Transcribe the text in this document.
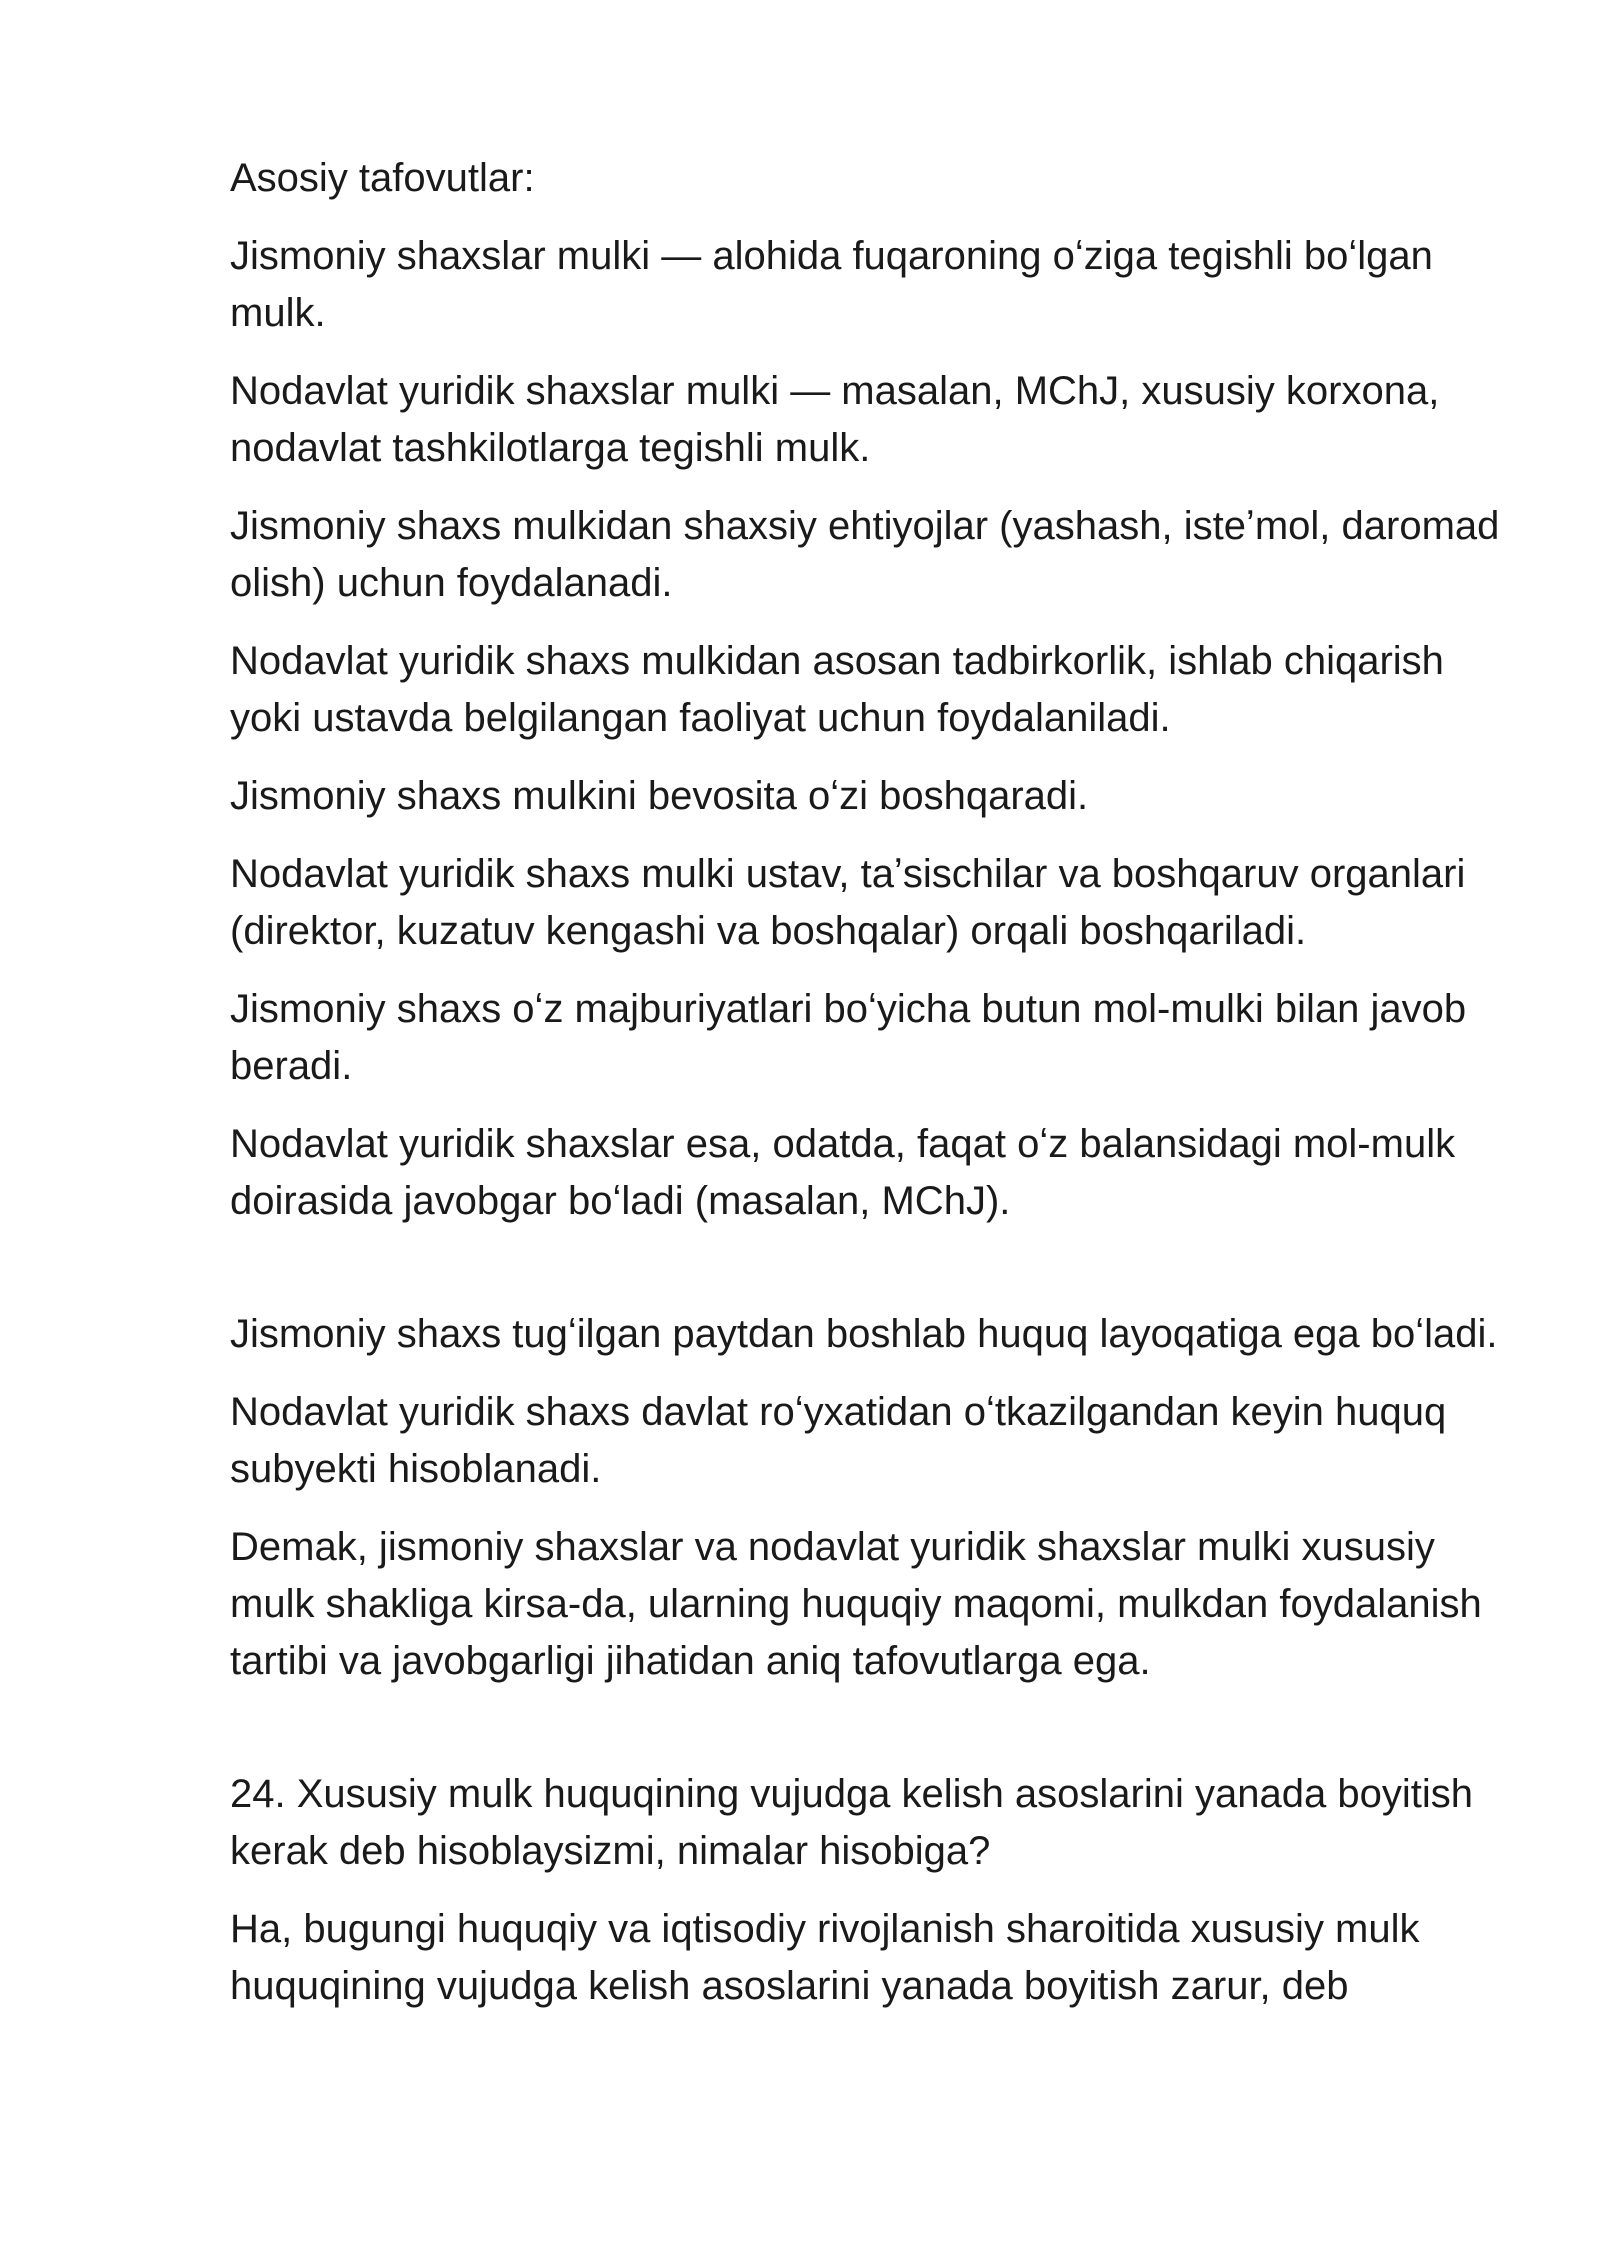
Asosiy tafovutlar:

Jismoniy shaxslar mulki — alohida fuqaroning oʻziga tegishli boʻlgan
mulk.

Nodavlat yuridik shaxslar mulki — masalan, MChJ, xususiy korxona,
nodavlat tashkilotlarga tegishli mulk.

Jismoniy shaxs mulkidan shaxsiy ehtiyojlar (yashash, isteʼmol, daromad
olish) uchun foydalanadi.

Nodavlat yuridik shaxs mulkidan asosan tadbirkorlik, ishlab chiqarish
yoki ustavda belgilangan faoliyat uchun foydalaniladi.

Jismoniy shaxs mulkini bevosita oʻzi boshqaradi.

Nodavlat yuridik shaxs mulki ustav, taʼsischilar va boshqaruv organlari
(direktor, kuzatuv kengashi va boshqalar) orqali boshqariladi.

Jismoniy shaxs oʻz majburiyatlari boʻyicha butun mol-mulki bilan javob
beradi.

Nodavlat yuridik shaxslar esa, odatda, faqat oʻz balansidagi mol-mulk
doirasida javobgar boʻladi (masalan, MChJ).

Jismoniy shaxs tugʻilgan paytdan boshlab huquq layoqatiga ega boʻladi.

Nodavlat yuridik shaxs davlat roʻyxatidan oʻtkazilgandan keyin huquq
subyekti hisoblanadi.

Demak, jismoniy shaxslar va nodavlat yuridik shaxslar mulki xususiy
mulk shakliga kirsa-da, ularning huquqiy maqomi, mulkdan foydalanish
tartibi va javobgarligi jihatidan aniq tafovutlarga ega.

24. Xususiy mulk huquqining vujudga kelish asoslarini yanada boyitish
kerak deb hisoblaysizmi, nimalar hisobiga?

Ha, bugungi huquqiy va iqtisodiy rivojlanish sharoitida xususiy mulk
huquqining vujudga kelish asoslarini yanada boyitish zarur, deb
